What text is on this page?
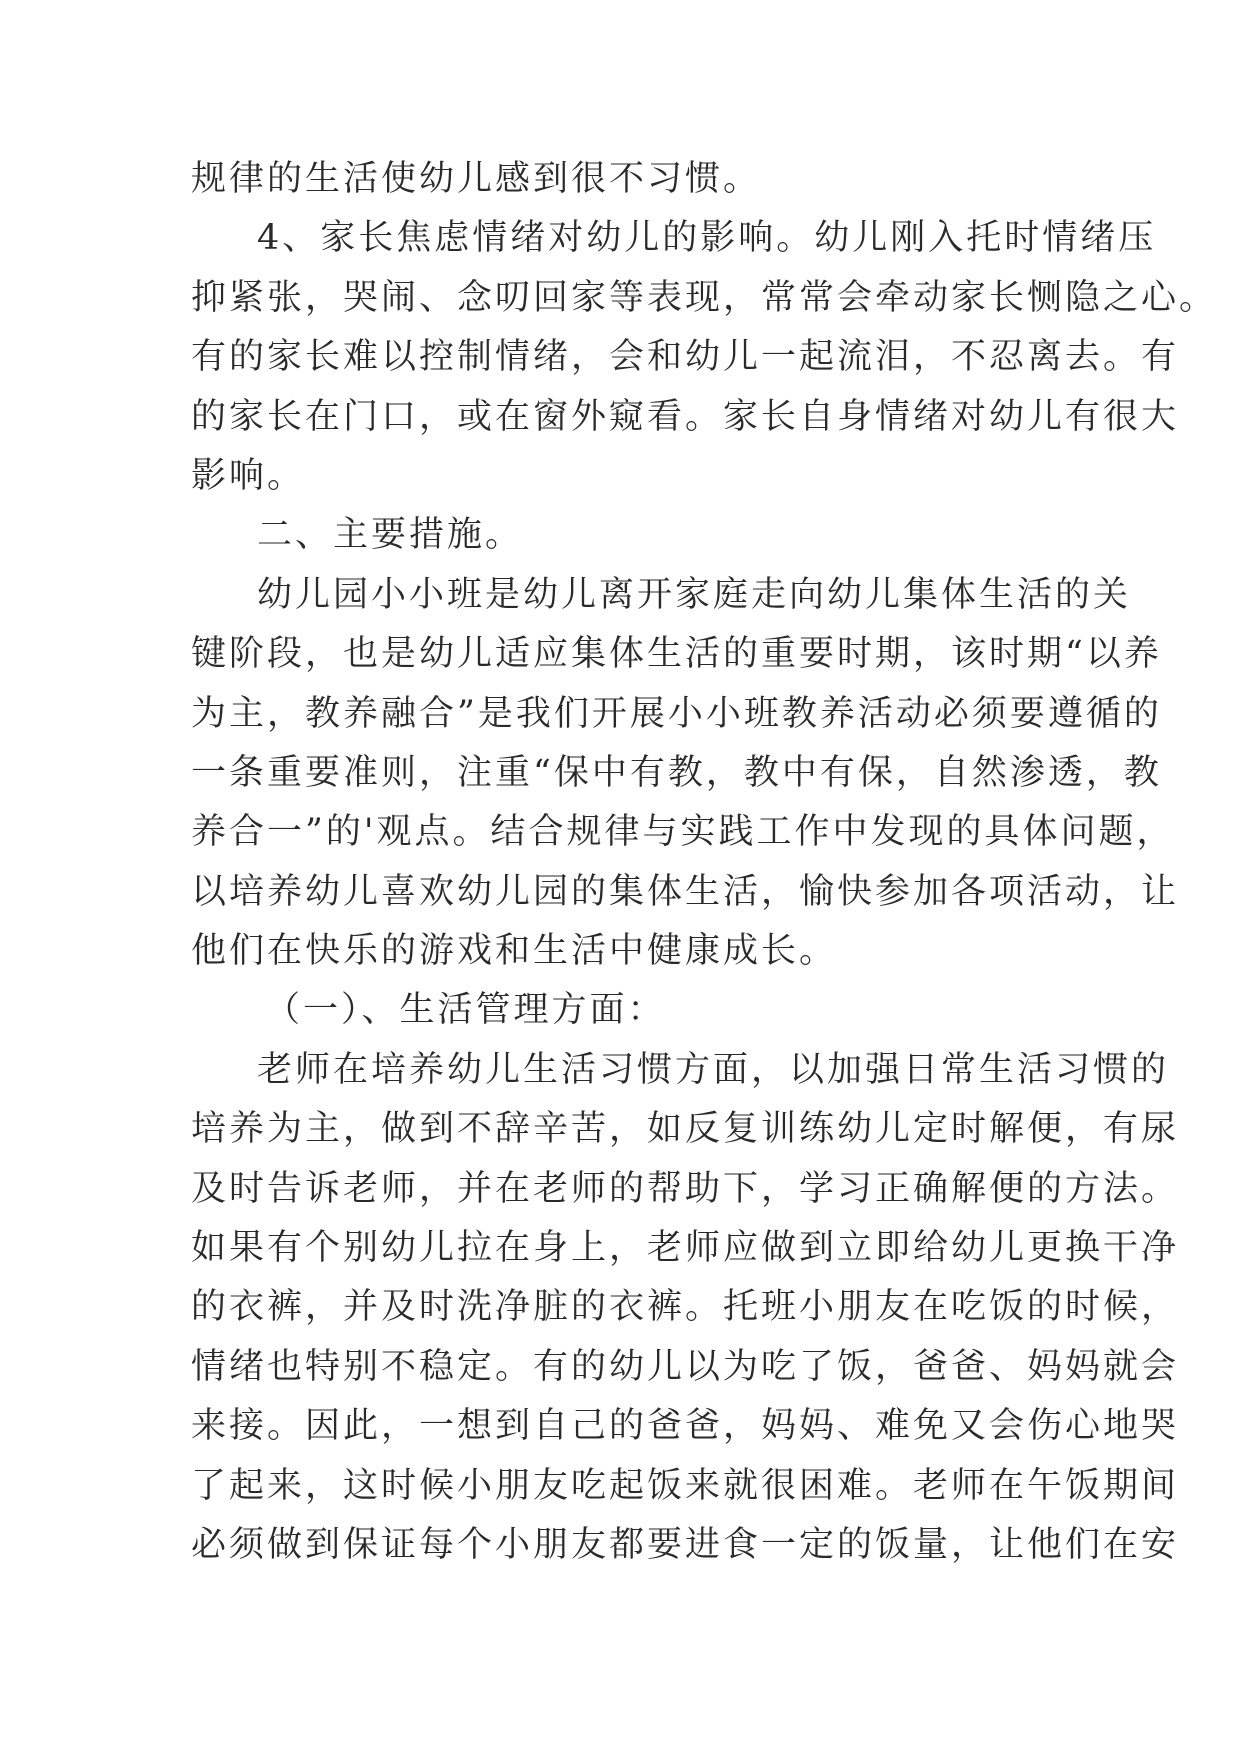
规律的生活使幼儿感到很不习惯。
4、家长焦虑情绪对幼儿的影响。幼儿刚入托时情绪压
抑紧张，哭闹、念叨回家等表现，常常会牵动家长恻隐之心。
有的家长难以控制情绪，会和幼儿一起流泪，不忍离去。有
的家长在门口，或在窗外窥看。家长自身情绪对幼儿有很大
影响。
二、主要措施。
幼儿园小小班是幼儿离开家庭走向幼儿集体生活的关
键阶段，也是幼儿适应集体生活的重要时期，该时期“以养
为主，教养融合”是我们开展小小班教养活动必须要遵循的
一条重要准则，注重“保中有教，教中有保，自然渗透，教
养合一”的'观点。结合规律与实践工作中发现的具体问题，
以培养幼儿喜欢幼儿园的集体生活，愉快参加各项活动，让
他们在快乐的游戏和生活中健康成长。
（一）、生活管理方面：
老师在培养幼儿生活习惯方面，以加强日常生活习惯的
培养为主，做到不辞辛苦，如反复训练幼儿定时解便，有尿
及时告诉老师，并在老师的帮助下，学习正确解便的方法。
如果有个别幼儿拉在身上，老师应做到立即给幼儿更换干净
的衣裤，并及时洗净脏的衣裤。托班小朋友在吃饭的时候，
情绪也特别不稳定。有的幼儿以为吃了饭，爸爸、妈妈就会
来接。因此，一想到自己的爸爸，妈妈、难免又会伤心地哭
了起来，这时候小朋友吃起饭来就很困难。老师在午饭期间
必须做到保证每个小朋友都要进食一定的饭量，让他们在安
